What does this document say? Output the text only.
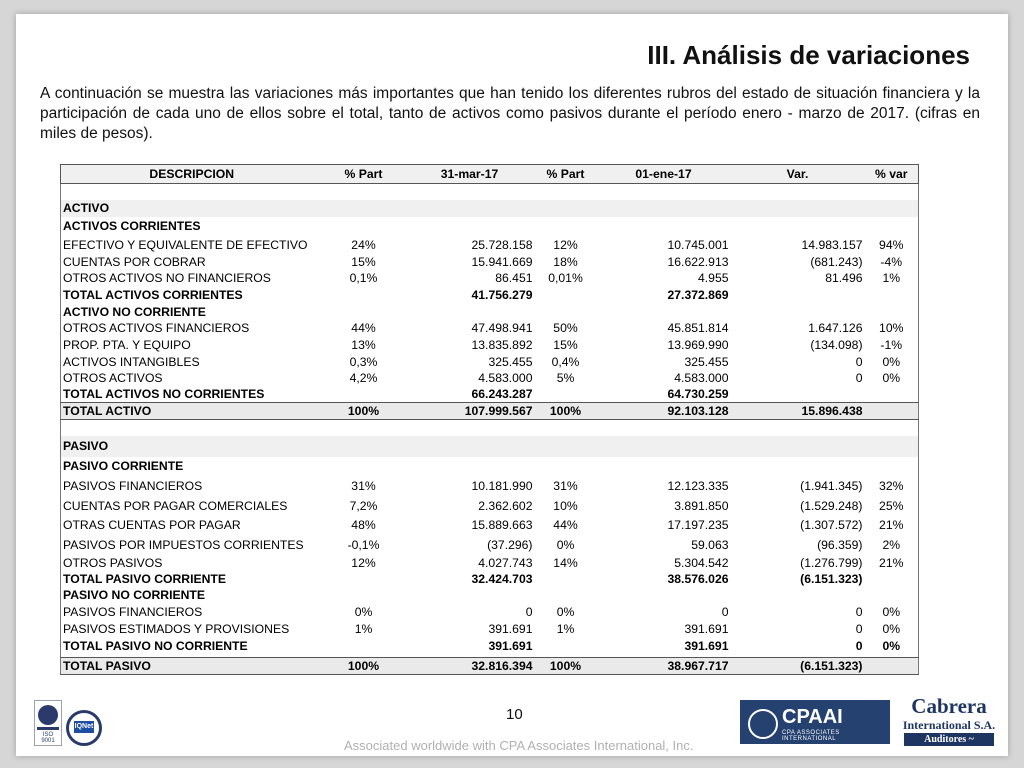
III. Análisis de variaciones
A continuación se muestra las variaciones más importantes que han tenido los diferentes rubros del estado de situación financiera y la participación de cada uno de ellos sobre el total, tanto de activos como pasivos durante el período enero - marzo de 2017. (cifras en miles de pesos).
DESCRIPCION	% Part	31-mar-17	% Part	01-ene-17	Var.	% var

ACTIVO						
ACTIVOS CORRIENTES						
EFECTIVO Y EQUIVALENTE DE EFECTIVO	24%	25.728.158	12%	10.745.001	14.983.157	94%
CUENTAS POR COBRAR	15%	15.941.669	18%	16.622.913	(681.243)	-4%
OTROS ACTIVOS NO FINANCIEROS	0,1%	86.451	0,01%	4.955	81.496	1%
TOTAL ACTIVOS CORRIENTES		41.756.279		27.372.869		
ACTIVO NO CORRIENTE						
OTROS ACTIVOS FINANCIEROS	44%	47.498.941	50%	45.851.814	1.647.126	10%
PROP. PTA. Y EQUIPO	13%	13.835.892	15%	13.969.990	(134.098)	-1%
ACTIVOS INTANGIBLES	0,3%	325.455	0,4%	325.455	0	0%
OTROS ACTIVOS	4,2%	4.583.000	5%	4.583.000	0	0%
TOTAL ACTIVOS NO CORRIENTES		66.243.287		64.730.259		
TOTAL ACTIVO	100%	107.999.567	100%	92.103.128	15.896.438	

PASIVO						
PASIVO CORRIENTE						
PASIVOS FINANCIEROS	31%	10.181.990	31%	12.123.335	(1.941.345)	32%
CUENTAS POR PAGAR COMERCIALES	7,2%	2.362.602	10%	3.891.850	(1.529.248)	25%
OTRAS CUENTAS POR PAGAR	48%	15.889.663	44%	17.197.235	(1.307.572)	21%
PASIVOS POR IMPUESTOS CORRIENTES	-0,1%	(37.296)	0%	59.063	(96.359)	2%
OTROS PASIVOS	12%	4.027.743	14%	5.304.542	(1.276.799)	21%
TOTAL PASIVO CORRIENTE		32.424.703		38.576.026	(6.151.323)	
PASIVO NO CORRIENTE						
PASIVOS FINANCIEROS	0%	0	0%	0	0	0%
PASIVOS ESTIMADOS Y PROVISIONES	1%	391.691	1%	391.691	0	0%
TOTAL PASIVO NO CORRIENTE		391.691		391.691	0	0%

TOTAL PASIVO	100%	32.816.394	100%	38.967.717	(6.151.323)	
10
Associated worldwide with CPA Associates International, Inc.
ISO 9001
IQNet	CPAAI
CPA ASSOCIATES INTERNATIONAL
Cabrera
International S.A.
Auditores ~ Consultores
